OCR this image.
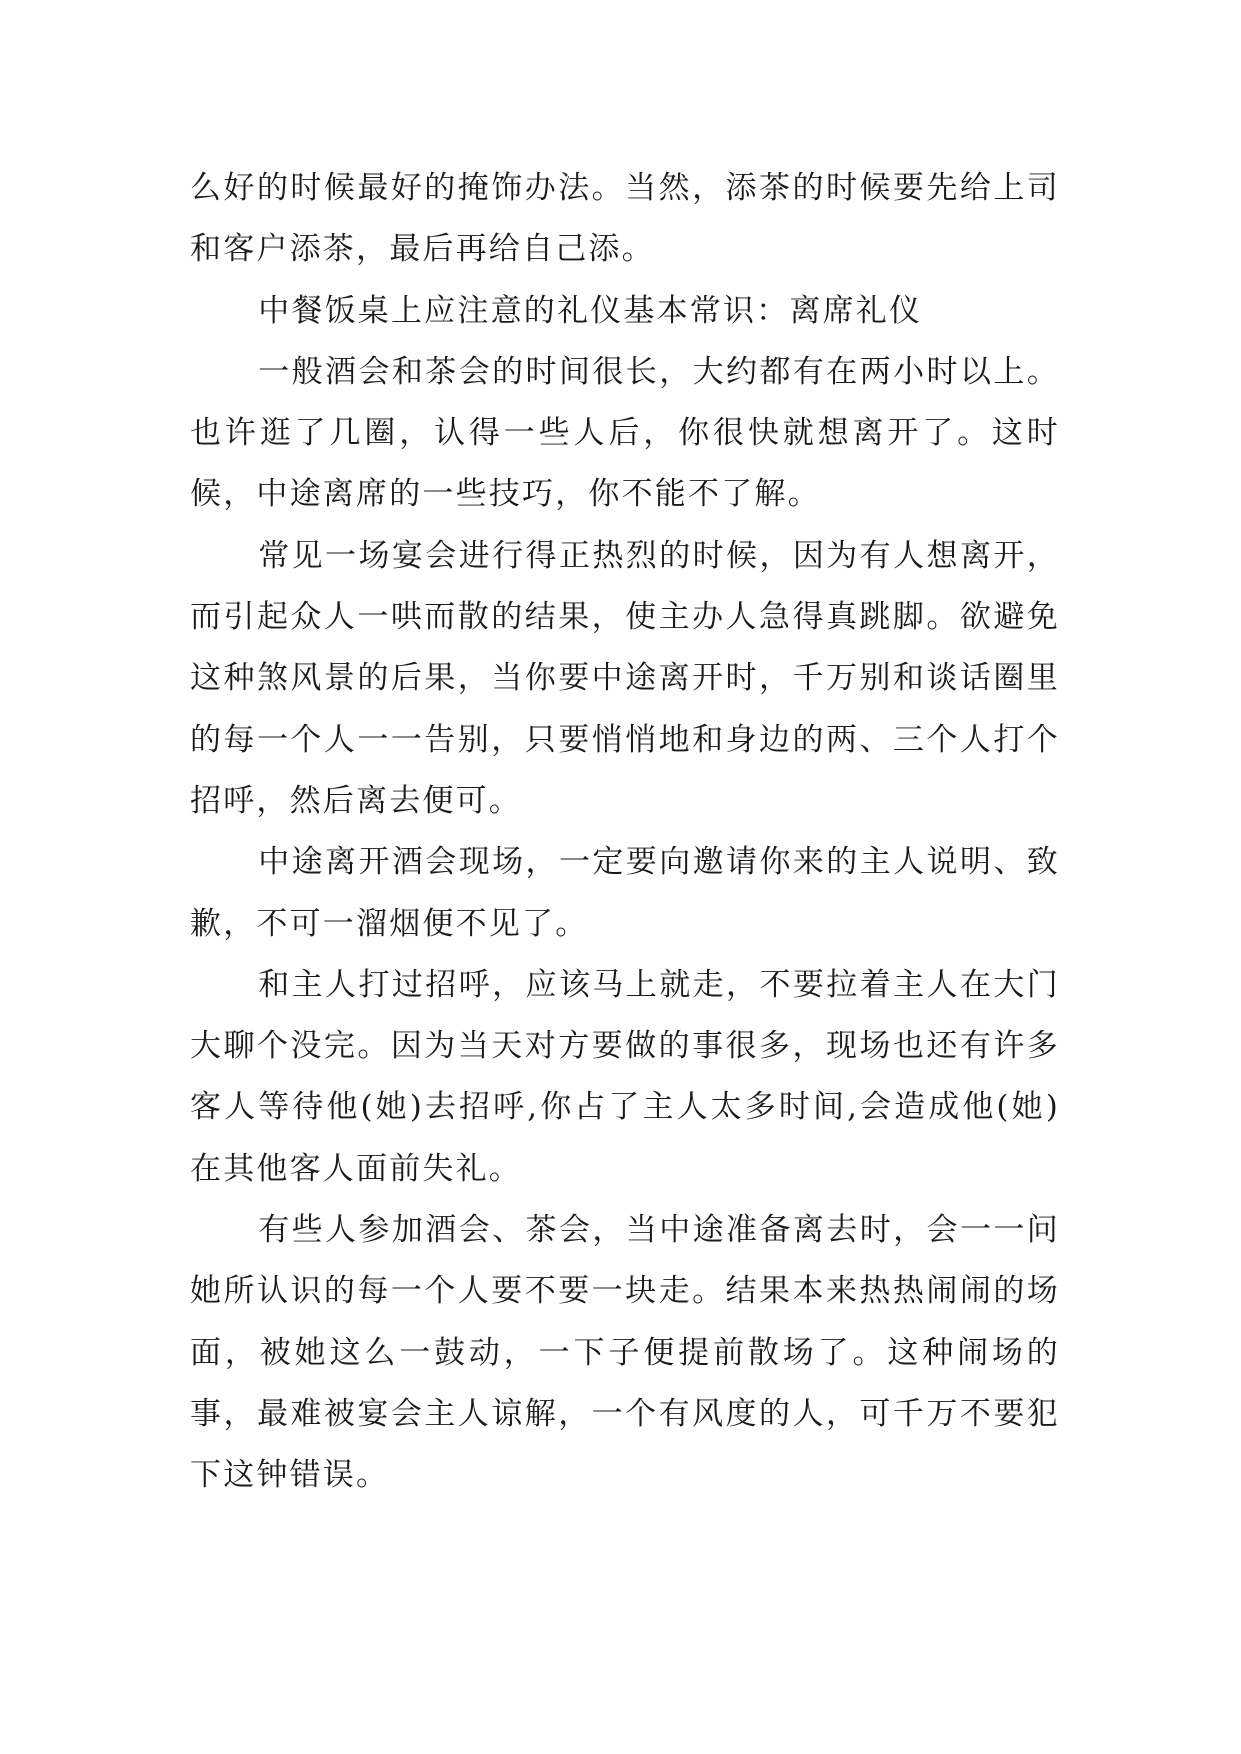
么好的时候最好的掩饰办法。当然，添茶的时候要先给上司和客户添茶，最后再给自己添。

中餐饭桌上应注意的礼仪基本常识：离席礼仪

一般酒会和茶会的时间很长，大约都有在两小时以上。也许逛了几圈，认得一些人后，你很快就想离开了。这时候，中途离席的一些技巧，你不能不了解。

常见一场宴会进行得正热烈的时候，因为有人想离开，而引起众人一哄而散的结果，使主办人急得真跳脚。欲避免这种煞风景的后果，当你要中途离开时，千万别和谈话圈里的每一个人一一告别，只要悄悄地和身边的两、三个人打个招呼，然后离去便可。

中途离开酒会现场，一定要向邀请你来的主人说明、致歉，不可一溜烟便不见了。

和主人打过招呼，应该马上就走，不要拉着主人在大门大聊个没完。因为当天对方要做的事很多，现场也还有许多客人等待他(她)去招呼,你占了主人太多时间,会造成他(她)在其他客人面前失礼。

有些人参加酒会、茶会，当中途准备离去时，会一一问她所认识的每一个人要不要一块走。结果本来热热闹闹的场面，被她这么一鼓动，一下子便提前散场了。这种闹场的事，最难被宴会主人谅解，一个有风度的人，可千万不要犯下这钟错误。
